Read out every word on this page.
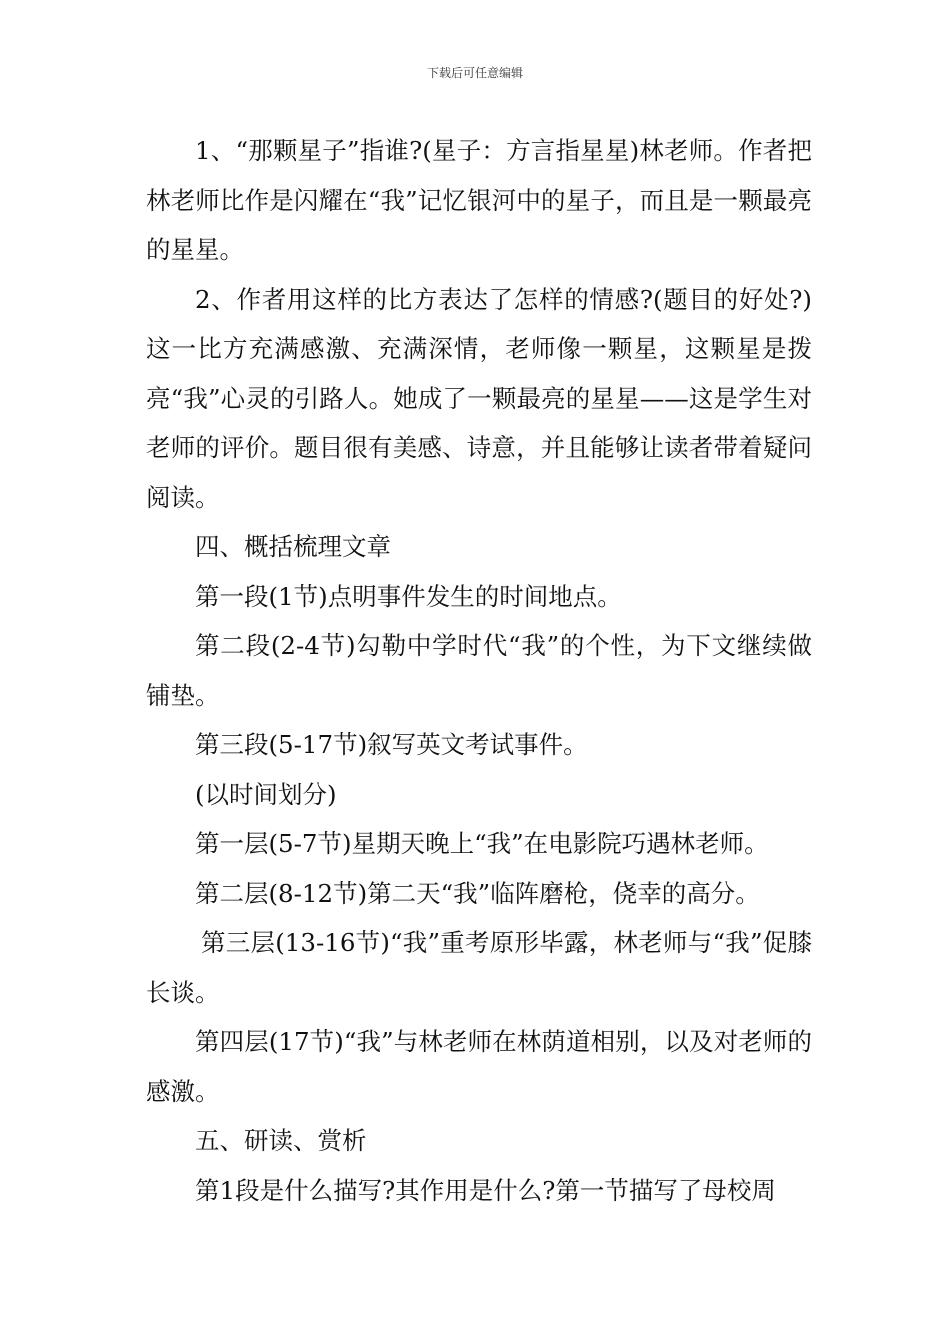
下载后可任意编辑

1、“那颗星子”指谁?(星子：方言指星星)林老师。作者把林老师比作是闪耀在“我”记忆银河中的星子，而且是一颗最亮的星星。

2、作者用这样的比方表达了怎样的情感?(题目的好处?)这一比方充满感激、充满深情，老师像一颗星，这颗星是拨亮“我”心灵的引路人。她成了一颗最亮的星星——这是学生对老师的评价。题目很有美感、诗意，并且能够让读者带着疑问阅读。

四、概括梳理文章

第一段(1节)点明事件发生的时间地点。

第二段(2-4节)勾勒中学时代“我”的个性，为下文继续做铺垫。

第三段(5-17节)叙写英文考试事件。

(以时间划分)

第一层(5-7节)星期天晚上“我”在电影院巧遇林老师。

第二层(8-12节)第二天“我”临阵磨枪，侥幸的高分。

第三层(13-16节)“我”重考原形毕露，林老师与“我”促膝长谈。

第四层(17节)“我”与林老师在林荫道相别，以及对老师的感激。

五、研读、赏析

第1段是什么描写?其作用是什么?第一节描写了母校周
